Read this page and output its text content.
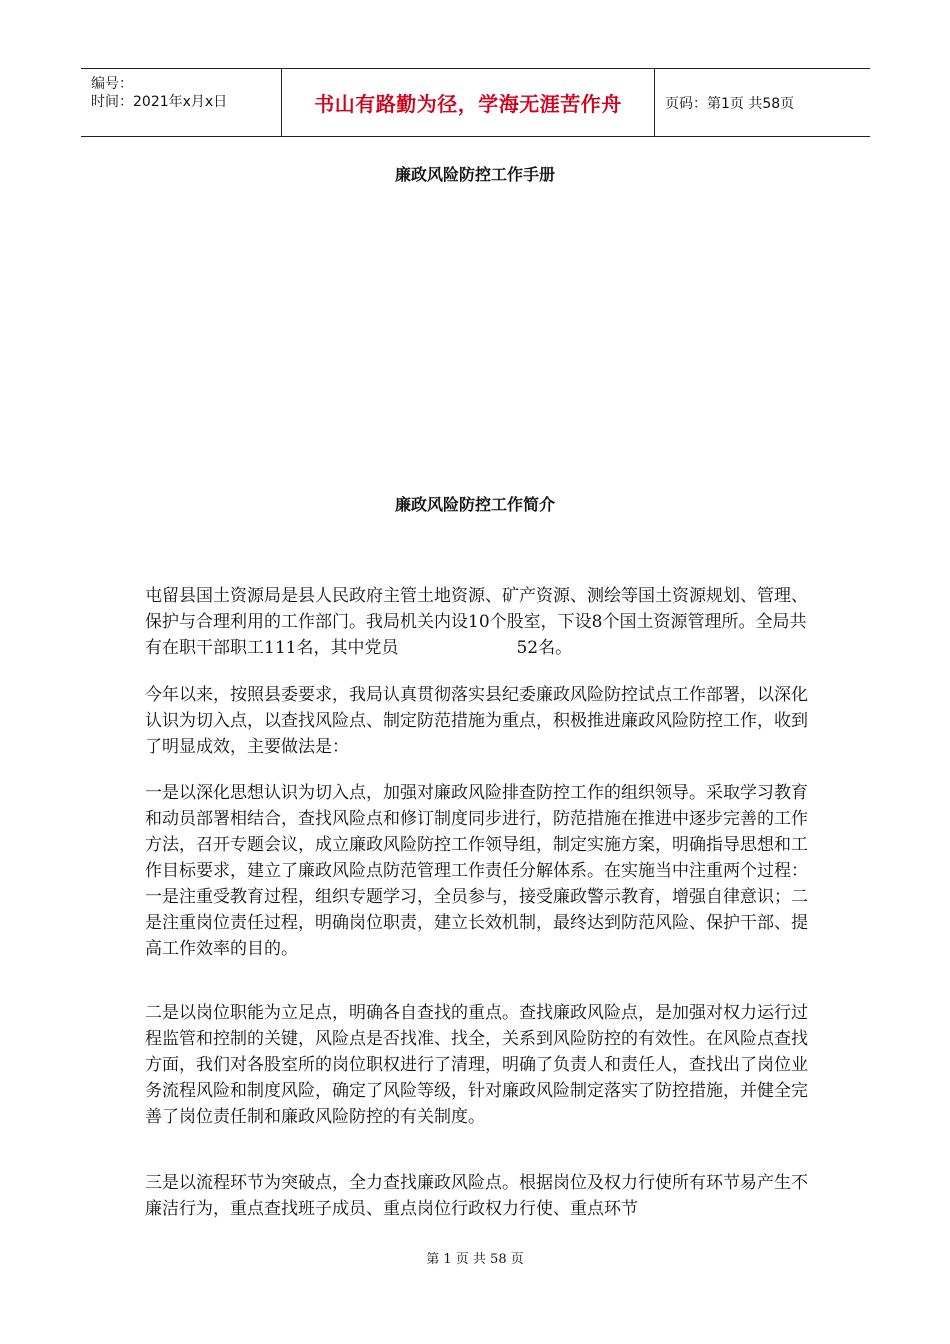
编号：
时间：2021年x月x日	书山有路勤为径，学海无涯苦作舟	页码：第1页 共58页
廉政风险防控工作手册
廉政风险防控工作简介

屯留县国土资源局是县人民政府主管土地资源、矿产资源、测绘等国土资源规划、管理、保护与合理利用的工作部门。我局机关内设10个股室，下设8个国土资源管理所。全局共有在职干部职工111名，其中党员	52名。

今年以来，按照县委要求，我局认真贯彻落实县纪委廉政风险防控试点工作部署，以深化认识为切入点，以查找风险点、制定防范措施为重点，积极推进廉政风险防控工作，收到了明显成效，主要做法是：

一是以深化思想认识为切入点，加强对廉政风险排查防控工作的组织领导。采取学习教育和动员部署相结合，查找风险点和修订制度同步进行，防范措施在推进中逐步完善的工作方法，召开专题会议，成立廉政风险防控工作领导组，制定实施方案，明确指导思想和工作目标要求，建立了廉政风险点防范管理工作责任分解体系。在实施当中注重两个过程：一是注重受教育过程，组织专题学习，全员参与，接受廉政警示教育，增强自律意识；二是注重岗位责任过程，明确岗位职责，建立长效机制，最终达到防范风险、保护干部、提高工作效率的目的。

二是以岗位职能为立足点，明确各自查找的重点。查找廉政风险点，是加强对权力运行过程监管和控制的关键，风险点是否找准、找全，关系到风险防控的有效性。在风险点查找方面，我们对各股室所的岗位职权进行了清理，明确了负责人和责任人，查找出了岗位业务流程风险和制度风险，确定了风险等级，针对廉政风险制定落实了防控措施，并健全完善了岗位责任制和廉政风险防控的有关制度。

三是以流程环节为突破点，全力查找廉政风险点。根据岗位及权力行使所有环节易产生不廉洁行为，重点查找班子成员、重点岗位行政权力行使、重点环节

第 1 页 共 58 页
